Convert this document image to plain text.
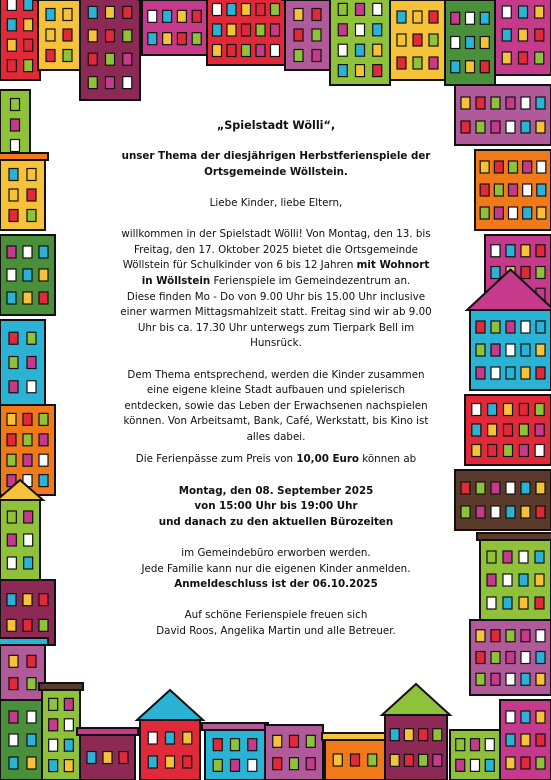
„Spielstadt Wölli“,

unser Thema der diesjährigen Herbstferienspiele der Ortsgemeinde Wöllstein.

Liebe Kinder, liebe Eltern,

willkommen in der Spielstadt Wölli! Von Montag, den 13. bis Freitag, den 17. Oktober 2025 bietet die Ortsgemeinde Wöllstein für Schulkinder von 6 bis 12 Jahren mit Wohnort in Wöllstein Ferienspiele im Gemeindezentrum an.

Diese finden Mo - Do von 9.00 Uhr bis 15.00 Uhr inclusive einer warmen Mittagsmahlzeit statt. Freitag sind wir ab 9.00 Uhr bis ca. 17.30 Uhr unterwegs zum Tierpark Bell im Hunsrück.

Dem Thema entsprechend, werden die Kinder zusammen eine eigene kleine Stadt aufbauen und spielerisch entdecken, sowie das Leben der Erwachsenen nachspielen können. Von Arbeitsamt, Bank, Café, Werkstatt, bis Kino ist alles dabei.

Die Ferienpässe zum Preis von 10,00 Euro können ab

Montag, den 08. September 2025

von 15:00 Uhr bis 19:00 Uhr

und danach zu den aktuellen Bürozeiten

im Gemeindebüro erworben werden.

Jede Familie kann nur die eigenen Kinder anmelden.

Anmeldeschluss ist der 06.10.2025

Auf schöne Ferienspiele freuen sich

David Roos, Angelika Martin und alle Betreuer.
